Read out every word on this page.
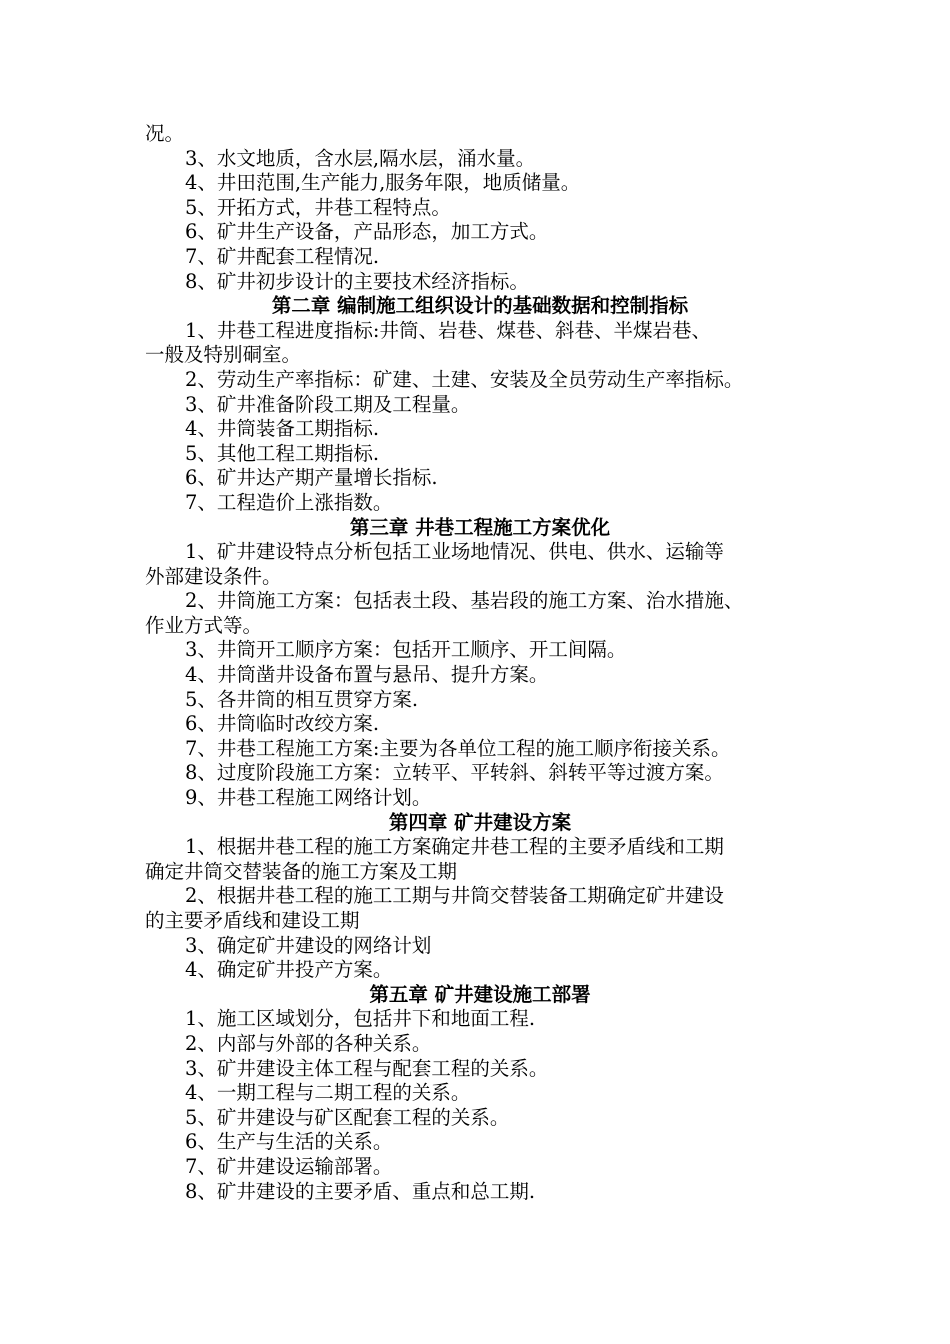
况。
3、水文地质，含水层,隔水层，涌水量。
4、井田范围,生产能力,服务年限，地质储量。
5、开拓方式，井巷工程特点。
6、矿井生产设备，产品形态，加工方式。
7、矿井配套工程情况.
8、矿井初步设计的主要技术经济指标。
第二章 编制施工组织设计的基础数据和控制指标
1、井巷工程进度指标:井筒、岩巷、煤巷、斜巷、半煤岩巷、
一般及特别硐室。
2、劳动生产率指标：矿建、土建、安装及全员劳动生产率指标。
3、矿井准备阶段工期及工程量。
4、井筒装备工期指标.
5、其他工程工期指标.
6、矿井达产期产量增长指标.
7、工程造价上涨指数。
第三章 井巷工程施工方案优化
1、矿井建设特点分析包括工业场地情况、供电、供水、运输等
外部建设条件。
2、井筒施工方案：包括表土段、基岩段的施工方案、治水措施、
作业方式等。
3、井筒开工顺序方案：包括开工顺序、开工间隔。
4、井筒凿井设备布置与悬吊、提升方案。
5、各井筒的相互贯穿方案.
6、井筒临时改绞方案.
7、井巷工程施工方案:主要为各单位工程的施工顺序衔接关系。
8、过度阶段施工方案：立转平、平转斜、斜转平等过渡方案。
9、井巷工程施工网络计划。
第四章 矿井建设方案
1、根据井巷工程的施工方案确定井巷工程的主要矛盾线和工期
确定井筒交替装备的施工方案及工期
2、根据井巷工程的施工工期与井筒交替装备工期确定矿井建设
的主要矛盾线和建设工期
3、确定矿井建设的网络计划
4、确定矿井投产方案。
第五章 矿井建设施工部署
1、施工区域划分，包括井下和地面工程.
2、内部与外部的各种关系。
3、矿井建设主体工程与配套工程的关系。
4、一期工程与二期工程的关系。
5、矿井建设与矿区配套工程的关系。
6、生产与生活的关系。
7、矿井建设运输部署。
8、矿井建设的主要矛盾、重点和总工期.
